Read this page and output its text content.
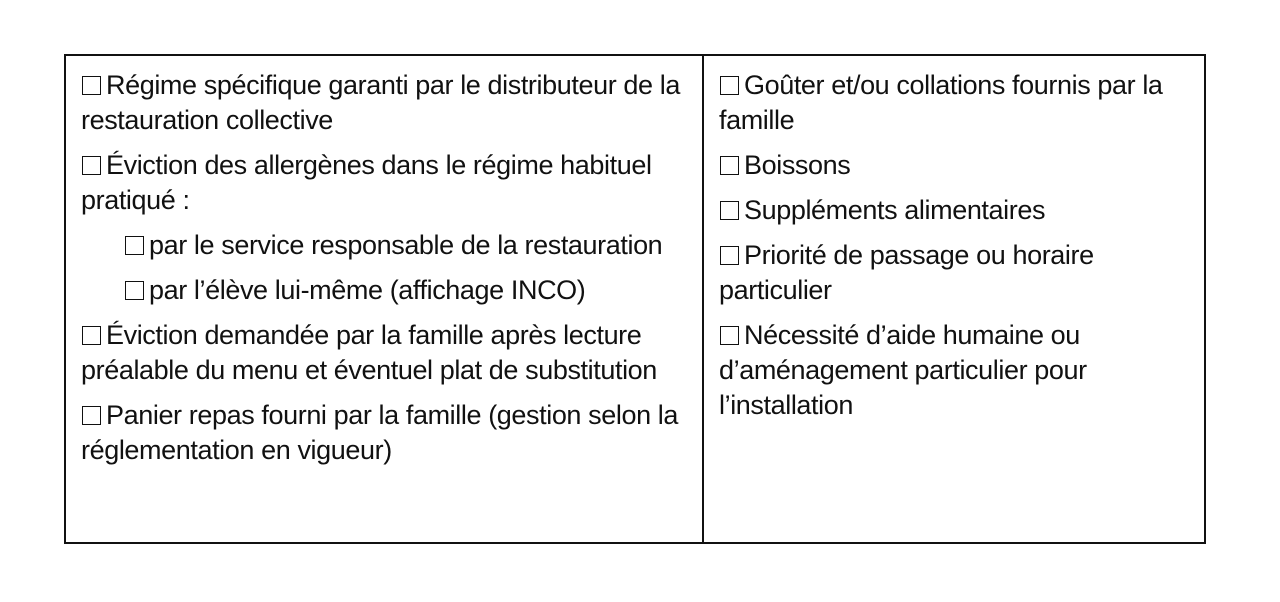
Régime spécifique garanti par le distributeur de la restauration collective
Éviction des allergènes dans le régime habituel pratiqué :
par le service responsable de la restauration
par l’élève lui-même (affichage INCO)
Éviction demandée par la famille après lecture préalable du menu et éventuel plat de substitution
Panier repas fourni par la famille (gestion selon la réglementation en vigueur)
Goûter et/ou collations fournis par la famille
Boissons
Suppléments alimentaires
Priorité de passage ou horaire particulier
Nécessité d’aide humaine ou d’aménagement particulier pour l’installation
